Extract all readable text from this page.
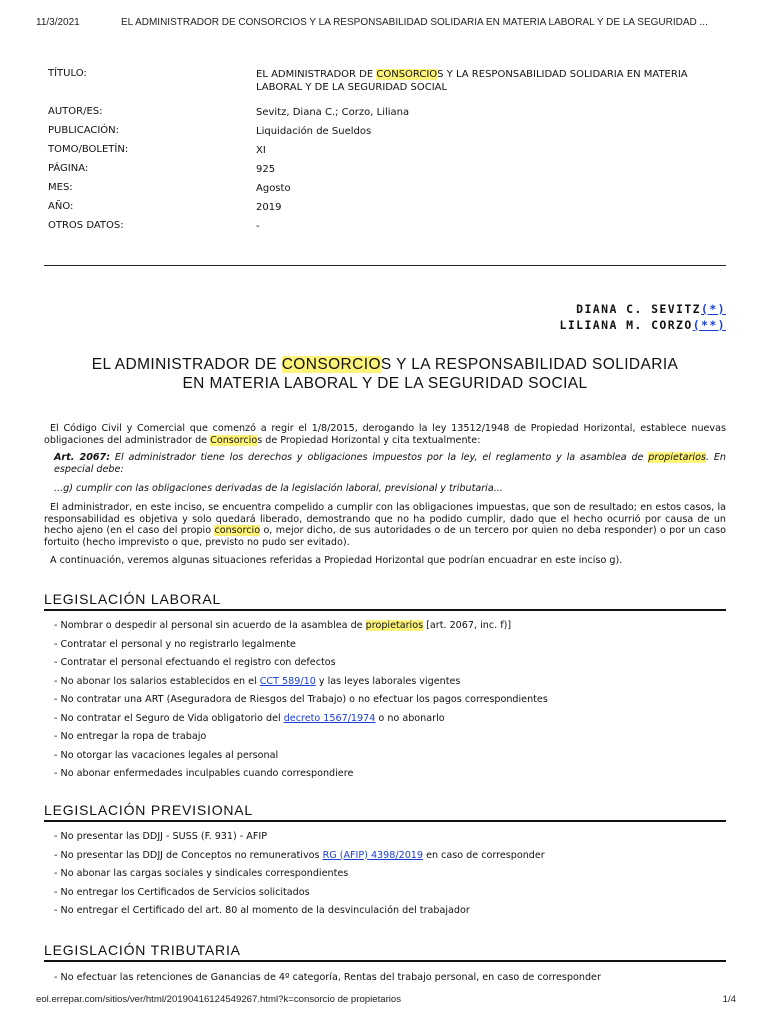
11/3/2021	EL ADMINISTRADOR DE CONSORCIOS Y LA RESPONSABILIDAD SOLIDARIA EN MATERIA LABORAL Y DE LA SEGURIDAD ...
TÍTULO:	EL ADMINISTRADOR DE CONSORCIOS Y LA RESPONSABILIDAD SOLIDARIA EN MATERIA LABORAL Y DE LA SEGURIDAD SOCIAL
AUTOR/ES:	Sevitz, Diana C.; Corzo, Liliana
PUBLICACIÓN:	Liquidación de Sueldos
TOMO/BOLETÍN:	XI
PÁGINA:	925
MES:	Agosto
AÑO:	2019
OTROS DATOS:	-
DIANA C. SEVITZ(*)
LILIANA M. CORZO(**)
EL ADMINISTRADOR DE CONSORCIOS Y LA RESPONSABILIDAD SOLIDARIA
EN MATERIA LABORAL Y DE LA SEGURIDAD SOCIAL

El Código Civil y Comercial que comenzó a regir el 1/8/2015, derogando la ley 13512/1948 de Propiedad Horizontal, establece nuevas obligaciones del administrador de Consorcios de Propiedad Horizontal y cita textualmente:

Art. 2067: El administrador tiene los derechos y obligaciones impuestos por la ley, el reglamento y la asamblea de propietarios. En especial debe:

...g) cumplir con las obligaciones derivadas de la legislación laboral, previsional y tributaria...

El administrador, en este inciso, se encuentra compelido a cumplir con las obligaciones impuestas, que son de resultado; en estos casos, la responsabilidad es objetiva y solo quedará liberado, demostrando que no ha podido cumplir, dado que el hecho ocurrió por causa de un hecho ajeno (en el caso del propio consorcio o, mejor dicho, de sus autoridades o de un tercero por quien no deba responder) o por un caso fortuito (hecho imprevisto o que, previsto no pudo ser evitado).

A continuación, veremos algunas situaciones referidas a Propiedad Horizontal que podrían encuadrar en este inciso g).

LEGISLACIÓN LABORAL
- Nombrar o despedir al personal sin acuerdo de la asamblea de propietarios [art. 2067, inc. f)]
- Contratar el personal y no registrarlo legalmente
- Contratar el personal efectuando el registro con defectos
- No abonar los salarios establecidos en el CCT 589/10 y las leyes laborales vigentes
- No contratar una ART (Aseguradora de Riesgos del Trabajo) o no efectuar los pagos correspondientes
- No contratar el Seguro de Vida obligatorio del decreto 1567/1974 o no abonarlo
- No entregar la ropa de trabajo
- No otorgar las vacaciones legales al personal
- No abonar enfermedades inculpables cuando correspondiere
LEGISLACIÓN PREVISIONAL
- No presentar las DDJJ - SUSS (F. 931) - AFIP
- No presentar las DDJJ de Conceptos no remunerativos RG (AFIP) 4398/2019 en caso de corresponder
- No abonar las cargas sociales y sindicales correspondientes
- No entregar los Certificados de Servicios solicitados
- No entregar el Certificado del art. 80 al momento de la desvinculación del trabajador
LEGISLACIÓN TRIBUTARIA
- No efectuar las retenciones de Ganancias de 4º categoría, Rentas del trabajo personal, en caso de corresponder
eol.errepar.com/sitios/ver/html/20190416124549267.html?k=consorcio de propietarios	1/4
